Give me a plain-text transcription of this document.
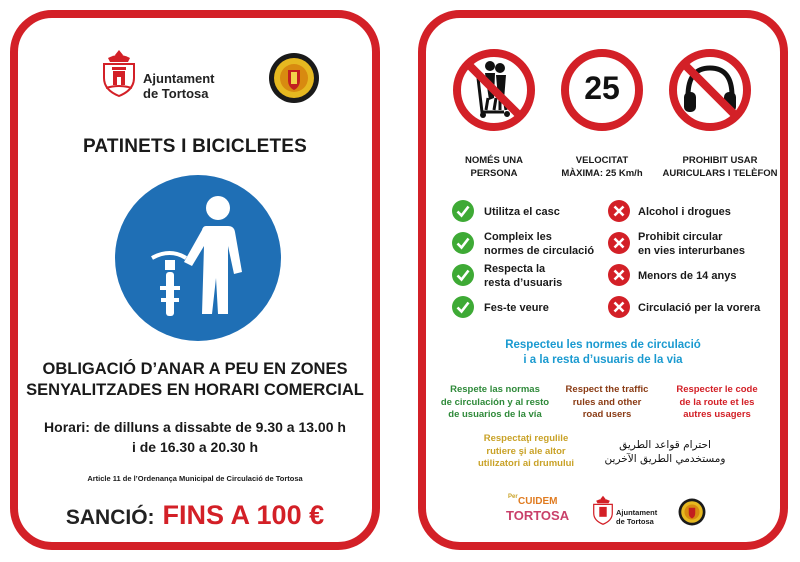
Ajuntament
de Tortosa
PATINETS I BICICLETES
OBLIGACIÓ D’ANAR A PEU EN ZONES
SENYALITZADES EN HORARI COMERCIAL
Horari: de dilluns a dissabte de 9.30 a 13.00 h
i de 16.30 a 20.30 h
Article 11 de l’Ordenança Municipal de Circulació de Tortosa
SANCIÓ: FINS A 100 €
NOMÉS UNA
PERSONA
25
VELOCITAT
MÀXIMA: 25 Km/h
PROHIBIT USAR
AURICULARS I TELÈFON
Utilitza el casc
Compleix les
normes de circulació
Respecta la
resta d’usuaris
Fes-te veure
Alcohol i drogues
Prohibit circular
en vies interurbanes
Menors de 14 anys
Circulació per la vorera
Respecteu les normes de circulació
i a la resta d’usuaris de la via
Respete las normas
de circulación y al resto
de usuarios de la vía
Respect the traffic
rules and other
road users
Respecter le code
de la route et les
autres usagers
Respectaţi regulile
rutiere şi ale altor
utilizatori ai drumului
احترام قواعد الطريق
ومستخدمي الطريق الآخرين
Per CUIDEM
TORTOSA	Ajuntament
de Tortosa
